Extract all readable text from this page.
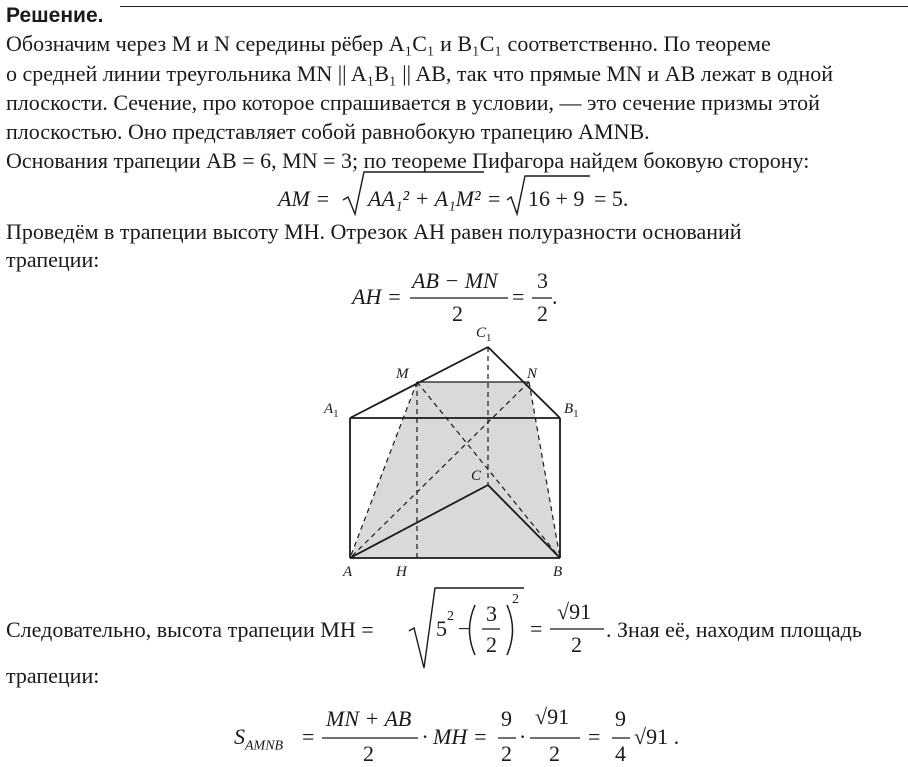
Решение.
Обозначим через M и N середины рёбер A₁C₁ и B₁C₁ соответственно. По теореме
о средней линии треугольника MN || A₁B₁ || AB, так что прямые MN и AB лежат в одной
плоскости. Сечение, про которое спрашивается в условии, — это сечение призмы этой
плоскостью. Оно представляет собой равнобокую трапецию AMNB.
Основания трапеции AB = 6, MN = 3; по теореме Пифагора найдем боковую сторону:
AM = AA₁² + A₁M² = 16 + 9 = 5.
Проведём в трапеции высоту MH. Отрезок AH равен полуразности оснований
трапеции:
AH =
AB − MN
2
=
3
2
.
$C_1$
M	N
$A_1$	$B_1$
C
A	H	B
Следовательно, высота трапеции MH =	5 2 −
3
2
2
=
√91
2
. Зная её, находим площадь
трапеции:
$S_{AMNB}$ =
MN + AB
2
· MH =
9
2
·
√91
2
=
9
4
√91 .
